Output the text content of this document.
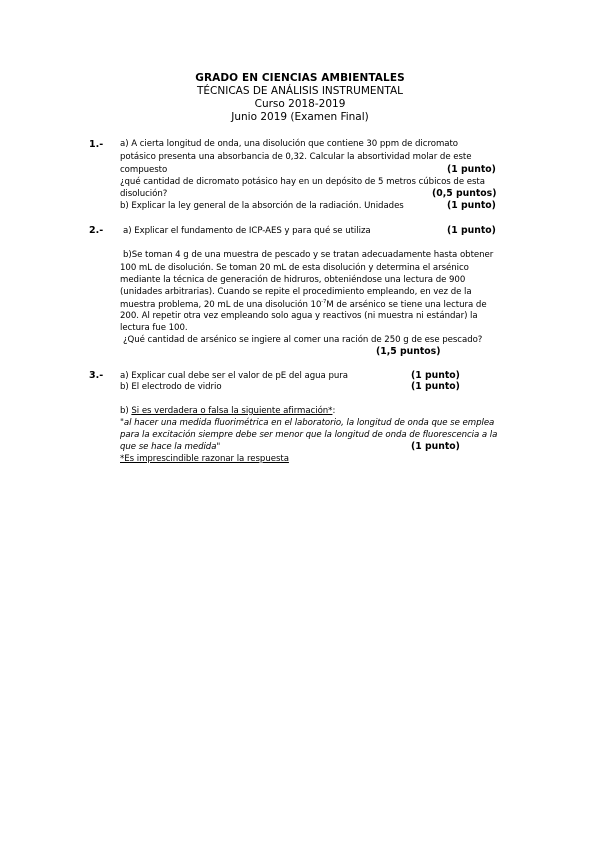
GRADO EN CIENCIAS AMBIENTALES
TÉCNICAS DE ANÁLISIS INSTRUMENTAL
Curso 2018-2019
Junio 2019 (Examen Final)
1.- a) A cierta longitud de onda, una disolución que contiene 30 ppm de dicromato
potásico presenta una absorbancia de 0,32. Calcular la absortividad molar de este
compuesto	(1 punto)
¿qué cantidad de dicromato potásico hay en un depósito de 5 metros cúbicos de esta
disolución?	(0,5 puntos)
b) Explicar la ley general de la absorción de la radiación. Unidades	(1 punto)
2.- a) Explicar el fundamento de ICP-AES y para qué se utiliza	(1 punto)
b)Se toman 4 g de una muestra de pescado y se tratan adecuadamente hasta obtener
100 mL de disolución. Se toman 20 mL de esta disolución y determina el arsénico
mediante la técnica de generación de hidruros, obteniéndose una lectura de 900
(unidades arbitrarias). Cuando se repite el procedimiento empleando, en vez de la
muestra problema, 20 mL de una disolución $10^{-7}M$ de arsénico se tiene una lectura de
200. Al repetir otra vez empleando solo agua y reactivos (ni muestra ni estándar) la
lectura fue 100.
¿Qué cantidad de arsénico se ingiere al comer una ración de 250 g de ese pescado?
(1,5 puntos)
3.- a) Explicar cual debe ser el valor de pE del agua pura	(1 punto)
b) El electrodo de vidrio	(1 punto)
b) Si es verdadera o falsa la siguiente afirmación*:
"al hacer una medida fluorimétrica en el laboratorio, la longitud de onda que se emplea
para la excitación siempre debe ser menor que la longitud de onda de fluorescencia a la
que se hace la medida"	(1 punto)
*Es imprescindible razonar la respuesta
